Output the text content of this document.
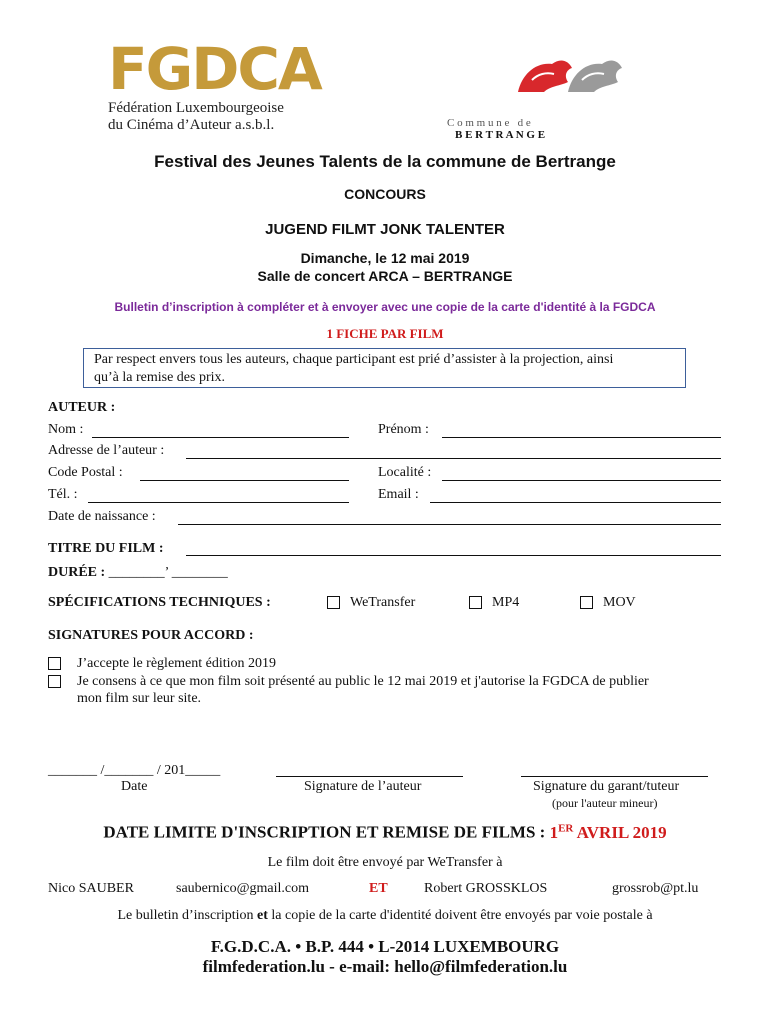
FGDCA
Fédération Luxembourgeoise
du Cinéma d’Auteur a.s.b.l.	C o m m u n e   d e
B E R T R A N G E

Festival des Jeunes Talents de la commune de Bertrange
CONCOURS
JUGEND FILMT JONK TALENTER
Dimanche, le 12 mai 2019
Salle de concert ARCA – BERTRANGE
Bulletin d’inscription à compléter et à envoyer avec une copie de la carte d'identité à la FGDCA
1 FICHE PAR FILM
Par respect envers tous les auteurs, chaque participant est prié d’assister à la projection, ainsi
qu’à la remise des prix.
AUTEUR :
Nom :	Prénom :
Adresse de l’auteur :
Code Postal :	Localité :
Tél. :	Email :
Date de naissance :
TITRE DU FILM :
DURÉE : ________’ ________
SPÉCIFICATIONS TECHNIQUES :	WeTransfer	MP4	MOV
SIGNATURES POUR ACCORD :
J’accepte le règlement édition 2019
Je consens à ce que mon film soit présenté au public le 12 mai 2019 et j'autorise la FGDCA de publier
mon film sur leur site.
_______ /_______ / 201_____
Date	Signature de l’auteur	Signature du garant/tuteur
(pour l'auteur mineur)
DATE LIMITE D'INSCRIPTION ET REMISE DE FILMS : 1ER AVRIL 2019
Le film doit être envoyé par WeTransfer à
Nico SAUBER	saubernico@gmail.com	ET	Robert GROSSKLOS	grossrob@pt.lu
Le bulletin d’inscription et la copie de la carte d'identité doivent être envoyés par voie postale à
F.G.D.C.A. • B.P. 444 • L-2014 LUXEMBOURG
filmfederation.lu - e-mail: hello@filmfederation.lu
